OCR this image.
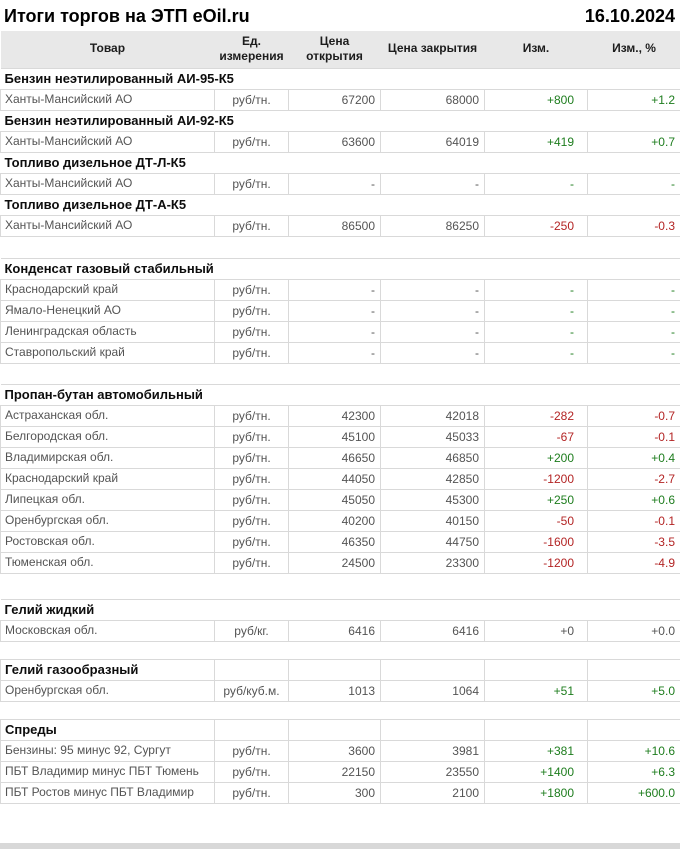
Итоги торгов на ЭТП eOil.ru	16.10.2024
Товар	Ед. измерения	Цена открытия	Цена закрытия	Изм.	Изм., %
Бензин неэтилированный АИ-95-К5					
Ханты-Мансийский АО	руб/тн.	67200	68000	+800	+1.2
Бензин неэтилированный АИ-92-К5					
Ханты-Мансийский АО	руб/тн.	63600	64019	+419	+0.7
Топливо дизельное ДТ-Л-К5					
Ханты-Мансийский АО	руб/тн.	-	-	-	-
Топливо дизельное ДТ-А-К5					
Ханты-Мансийский АО	руб/тн.	86500	86250	-250	-0.3

Конденсат газовый стабильный					
Краснодарский край	руб/тн.	-	-	-	-
Ямало-Ненецкий АО	руб/тн.	-	-	-	-
Ленинградская область	руб/тн.	-	-	-	-
Ставропольский край	руб/тн.	-	-	-	-

Пропан-бутан автомобильный					
Астраханская обл.	руб/тн.	42300	42018	-282	-0.7
Белгородская обл.	руб/тн.	45100	45033	-67	-0.1
Владимирская обл.	руб/тн.	46650	46850	+200	+0.4
Краснодарский край	руб/тн.	44050	42850	-1200	-2.7
Липецкая обл.	руб/тн.	45050	45300	+250	+0.6
Оренбургская обл.	руб/тн.	40200	40150	-50	-0.1
Ростовская обл.	руб/тн.	46350	44750	-1600	-3.5
Тюменская обл.	руб/тн.	24500	23300	-1200	-4.9

Гелий жидкий					
Московская обл.	руб/кг.	6416	6416	+0	+0.0

Гелий газообразный					
Оренбургская обл.	руб/куб.м.	1013	1064	+51	+5.0

Спреды					
Бензины: 95 минус 92, Сургут	руб/тн.	3600	3981	+381	+10.6
ПБТ Владимир минус ПБТ Тюмень	руб/тн.	22150	23550	+1400	+6.3
ПБТ Ростов минус ПБТ Владимир	руб/тн.	300	2100	+1800	+600.0
